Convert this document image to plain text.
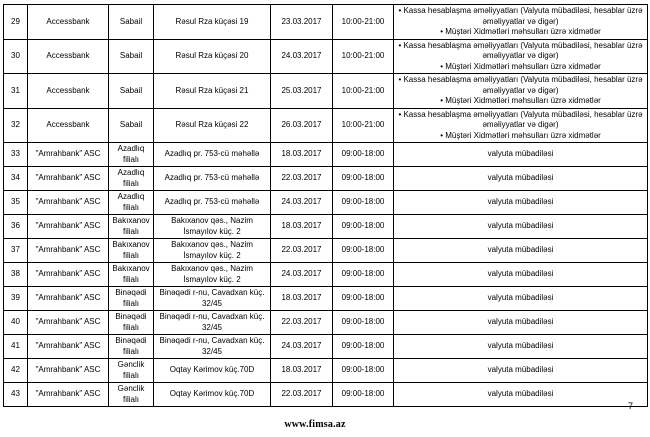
29	Accessbank	Sabail	Rəsul Rza küçəsi 19	23.03.2017	10:00-21:00	• Kassa hesablaşma əməliyyatları (Valyuta mübadiləsi, hesablar üzrə əməliyyatlar və digər)
• Müştəri Xidmətləri məhsulları üzrə xidmətlər

30	Accessbank	Sabail	Rəsul Rza küçəsi 20	24.03.2017	10:00-21:00	• Kassa hesablaşma əməliyyatları (Valyuta mübadiləsi, hesablar üzrə əməliyyatlar və digər)
• Müştəri Xidmətləri məhsulları üzrə xidmətlər

31	Accessbank	Sabail	Rəsul Rza küçəsi 21	25.03.2017	10:00-21:00	• Kassa hesablaşma əməliyyatları (Valyuta mübadiləsi, hesablar üzrə əməliyyatlar və digər)
• Müştəri Xidmətləri məhsulları üzrə xidmətlər

32	Accessbank	Sabail	Rəsul Rza küçəsi 22	26.03.2017	10:00-21:00	• Kassa hesablaşma əməliyyatları (Valyuta mübadiləsi, hesablar üzrə əməliyyatlar və digər)
• Müştəri Xidmətləri məhsulları üzrə xidmətlər

33	"Amrahbank" ASC	Azadlıq filialı	Azadlıq pr. 753-cü məhəllə	18.03.2017	09:00-18:00	valyuta mübadiləsi
34	"Amrahbank" ASC	Azadlıq filialı	Azadlıq pr. 753-cü məhəllə	22.03.2017	09:00-18:00	valyuta mübadiləsi
35	"Amrahbank" ASC	Azadlıq filialı	Azadlıq pr. 753-cü məhəllə	24.03.2017	09:00-18:00	valyuta mübadiləsi
36	"Amrahbank" ASC	Bakıxanov filialı	Bakıxanov qəs., Nazim İsmayılov küç. 2	18.03.2017	09:00-18:00	valyuta mübadiləsi
37	"Amrahbank" ASC	Bakıxanov filialı	Bakıxanov qəs., Nazim İsmayılov küç. 2	22.03.2017	09:00-18:00	valyuta mübadiləsi
38	"Amrahbank" ASC	Bakıxanov filialı	Bakıxanov qəs., Nazim İsmayılov küç. 2	24.03.2017	09:00-18:00	valyuta mübadiləsi
39	"Amrahbank" ASC	Binəqədi filialı	Binəqədi r-nu, Cavadxan küç. 32/45	18.03.2017	09:00-18:00	valyuta mübadiləsi
40	"Amrahbank" ASC	Binəqədi filialı	Binəqədi r-nu, Cavadxan küç. 32/45	22.03.2017	09:00-18:00	valyuta mübadiləsi
41	"Amrahbank" ASC	Binəqədi filialı	Binəqədi r-nu, Cavadxan küç. 32/45	24.03.2017	09:00-18:00	valyuta mübadiləsi
42	"Amrahbank" ASC	Gənclik filialı	Oqtay Kərimov küç.70D	18.03.2017	09:00-18:00	valyuta mübadiləsi
43	"Amrahbank" ASC	Gənclik filialı	Oqtay Kərimov küç.70D	22.03.2017	09:00-18:00	valyuta mübadiləsi
7
www.fimsa.az
